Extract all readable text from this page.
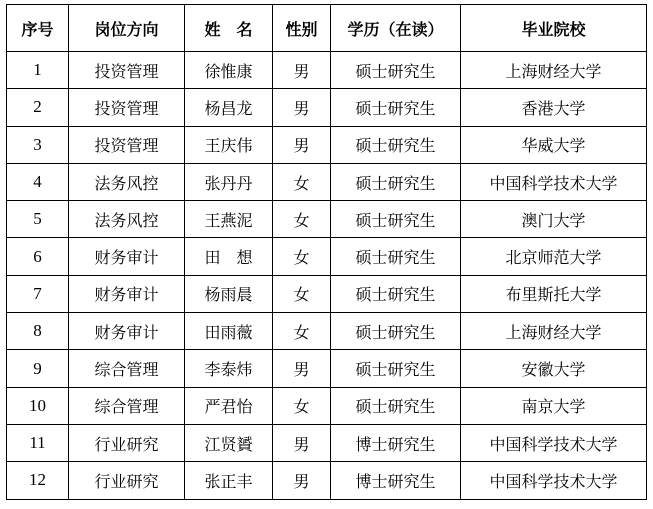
序号	岗位方向	姓　名	性别	学历（在读）	毕业院校
1	投资管理	徐惟康	男	硕士研究生	上海财经大学
2	投资管理	杨昌龙	男	硕士研究生	香港大学
3	投资管理	王庆伟	男	硕士研究生	华威大学
4	法务风控	张丹丹	女	硕士研究生	中国科学技术大学
5	法务风控	王燕泥	女	硕士研究生	澳门大学
6	财务审计	田　想	女	硕士研究生	北京师范大学
7	财务审计	杨雨晨	女	硕士研究生	布里斯托大学
8	财务审计	田雨薇	女	硕士研究生	上海财经大学
9	综合管理	李泰炜	男	硕士研究生	安徽大学
10	综合管理	严君怡	女	硕士研究生	南京大学
11	行业研究	江贤贇	男	博士研究生	中国科学技术大学
12	行业研究	张正丰	男	博士研究生	中国科学技术大学
